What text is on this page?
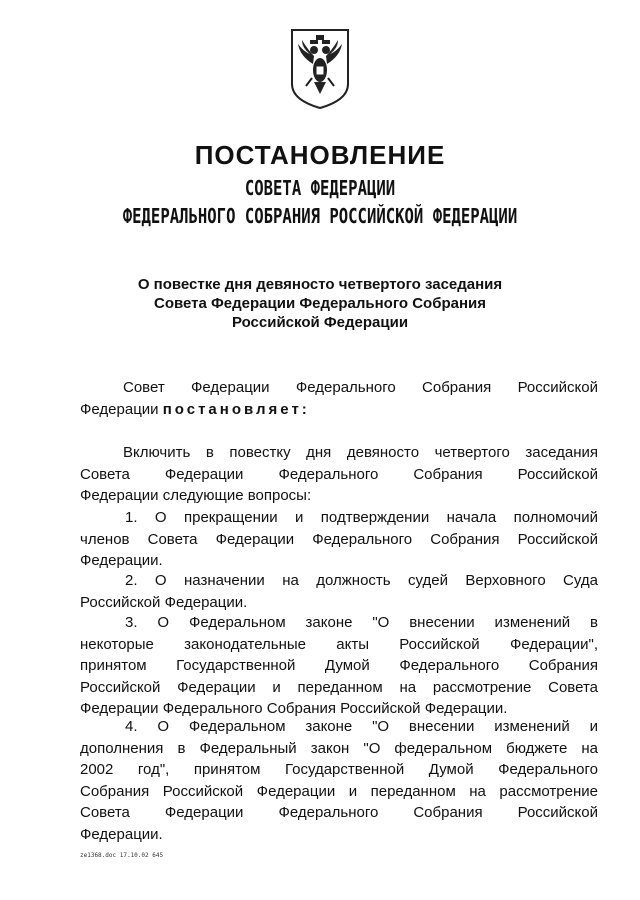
ПОСТАНОВЛЕНИЕ
СОВЕТА ФЕДЕРАЦИИ
ФЕДЕРАЛЬНОГО СОБРАНИЯ РОССИЙСКОЙ ФЕДЕРАЦИИ
О повестке дня девяносто четвертого заседания
Совета Федерации Федерального Собрания
Российской Федерации
Совет Федерации Федерального Собрания Российской
Федерации постановляет:
Включить в повестку дня девяносто четвертого заседания
Совета Федерации Федерального Собрания Российской
Федерации следующие вопросы:
1. О прекращении и подтверждении начала полномочий
членов Совета Федерации Федерального Собрания Российской
Федерации.
2. О назначении на должность судей Верховного Суда
Российской Федерации.
3. О Федеральном законе "О внесении изменений в
некоторые законодательные акты Российской Федерации",
принятом Государственной Думой Федерального Собрания
Российской Федерации и переданном на рассмотрение Совета
Федерации Федерального Собрания Российской Федерации.
4. О Федеральном законе "О внесении изменений и
дополнения в Федеральный закон "О федеральном бюджете на
2002 год", принятом Государственной Думой Федерального
Собрания Российской Федерации и переданном на рассмотрение
Совета Федерации Федерального Собрания Российской
Федерации.
ze1368.doc 17.10.02 645
